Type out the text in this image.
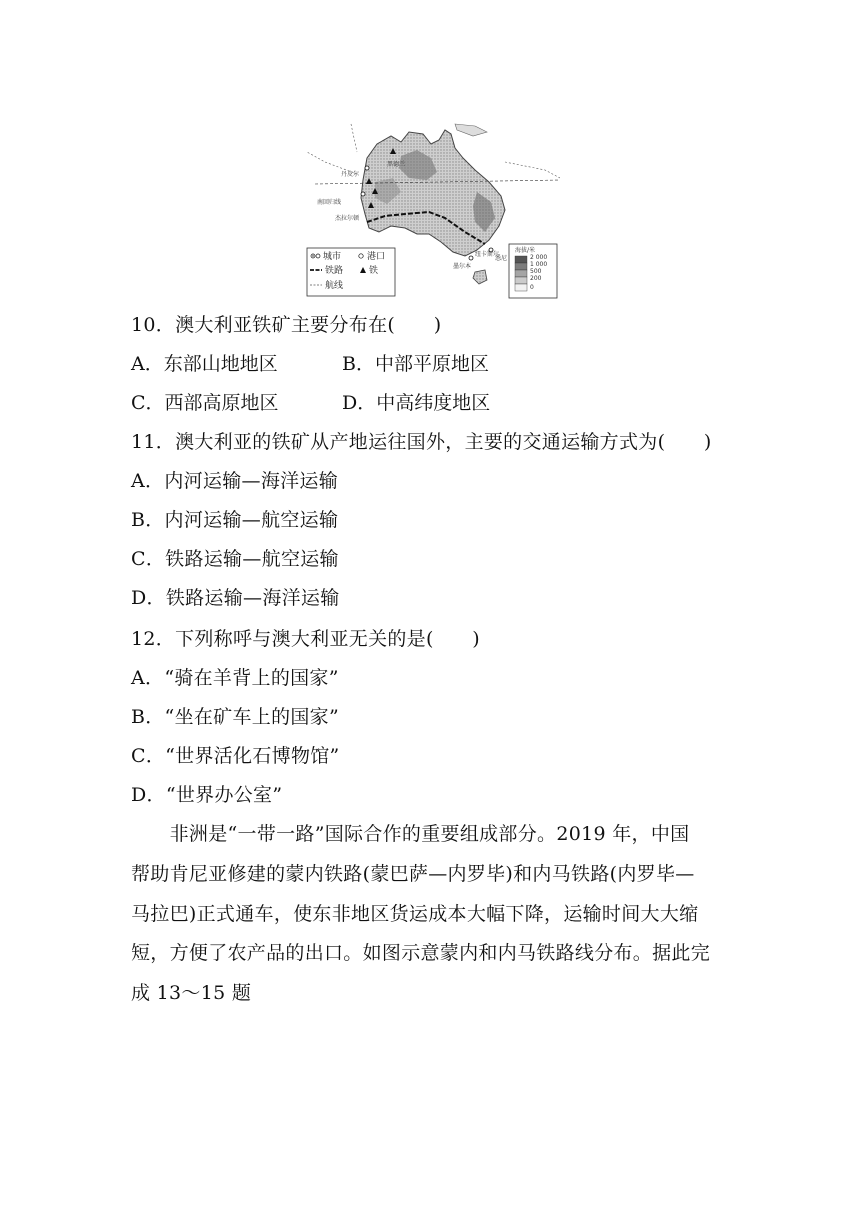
黑德兰
丹皮尔
南回归线
杰拉尔顿
纽卡斯尔
悉尼
墨尔本
城市	港口
铁路	铁
航线
海拔/米
2 000
1 000
500
200
0
10．澳大利亚铁矿主要分布在(　　)
A．东部山地地区	B．中部平原地区
C．西部高原地区	D．中高纬度地区
11．澳大利亚的铁矿从产地运往国外，主要的交通运输方式为(　　)
A．内河运输—海洋运输
B．内河运输—航空运输
C．铁路运输—航空运输
D．铁路运输—海洋运输
12．下列称呼与澳大利亚无关的是(　　)
A．“骑在羊背上的国家”
B．“坐在矿车上的国家”
C．“世界活化石博物馆”
D．“世界办公室”
　　非洲是“一带一路”国际合作的重要组成部分。2019 年，中国
帮助肯尼亚修建的蒙内铁路(蒙巴萨—内罗毕)和内马铁路(内罗毕—
马拉巴)正式通车，使东非地区货运成本大幅下降，运输时间大大缩
短，方便了农产品的出口。如图示意蒙内和内马铁路线分布。据此完
成 13～15 题
